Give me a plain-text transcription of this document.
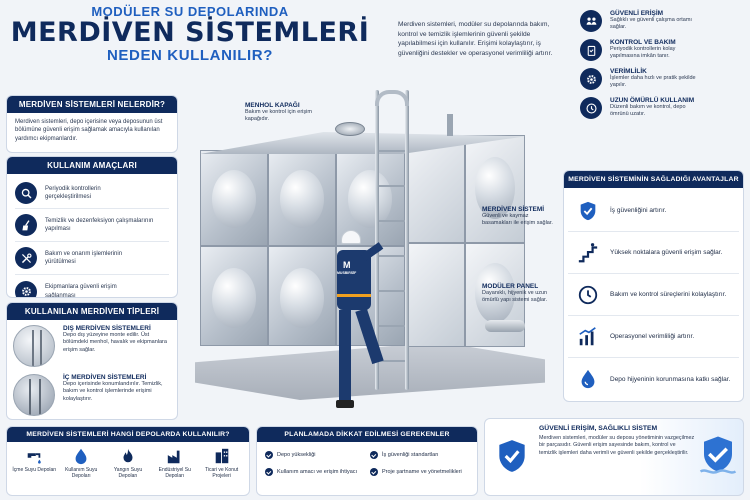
MODÜLER SU DEPOLARINDA
MERDİVEN SİSTEMLERİ
NEDEN KULLANILIR?
Merdiven sistemleri, modüler su depolarında bakım, kontrol ve temizlik işlemlerinin güvenli şekilde yapılabilmesi için kullanılır. Erişimi kolaylaştırır, iş güvenliğini destekler ve operasyonel verimliliği artırır.
GÜVENLİ ERİŞİM
Sağlıklı ve güvenli çalışma ortamı sağlar.
KONTROL VE BAKIM
Periyodik kontrollerin kolay yapılmasına imkân tanır.
VERİMLİLİK
İşlemler daha hızlı ve pratik şekilde yapılır.
UZUN ÖMÜRLÜ KULLANIM
Düzenli bakım ve kontrol, depo ömrünü uzatır.
MERDİVEN SİSTEMLERİ NELERDİR?
Merdiven sistemleri, depo içerisine veya deposunun üst bölümüne güvenli erişim sağlamak amacıyla kullanılan yardımcı ekipmanlardır.
KULLANIM AMAÇLARI
Periyodik kontrollerin gerçekleştirilmesi
Temizlik ve dezenfeksiyon çalışmalarının yapılması
Bakım ve onarım işlemlerinin yürütülmesi
Ekipmanlara güvenli erişim sağlanması
KULLANILAN MERDİVEN TİPLERİ
DIŞ MERDİVEN SİSTEMLERİ
Depo dış yüzeyine monte edilir. Üst bölümdeki menhol, havalık ve ekipmanlara erişim sağlar.
İÇ MERDİVEN SİSTEMLERİ
Depo içerisinde konumlandırılır. Temizlik, bakım ve kontrol işlemlerinde erişimi kolaylaştırır.
M
MUSBIRSİF
MENHOL KAPAĞI
Bakım ve kontrol için erişim kapağıdır.
MERDİVEN SİSTEMİ
Güvenli ve kaymaz basamakları ile erişim sağlar.
MODÜLER PANEL
Dayanıklı, hijyenik ve uzun ömürlü yapı sistemi sağlar.
MERDİVEN SİSTEMİNİN SAĞLADIĞI AVANTAJLAR
İş güvenliğini artırır.
Yüksek noktalara güvenli erişim sağlar.
Bakım ve kontrol süreçlerini kolaylaştırır.
Operasyonel verimliliği artırır.
Depo hijyeninin korunmasına katkı sağlar.
MERDİVEN SİSTEMLERİ HANGİ DEPOLARDA KULLANILIR?
İçme Suyu Depoları	Kullanım Suyu Depoları
Yangın Suyu Depoları
Endüstriyel Su Depoları
Ticari ve Konut Projeleri
PLANLAMADA DİKKAT EDİLMESİ GEREKENLER
Depo yüksekliği	İş güvenliği standartları
Kullanım amacı ve erişim ihtiyacı	Proje şartname ve yönetmelikleri
GÜVENLİ ERİŞİM, SAĞLIKLI SİSTEM
Merdiven sistemleri, modüler su deposu yönetiminin vazgeçilmez bir parçasıdır. Güvenli erişim sayesinde bakım, kontrol ve temizlik işlemleri daha verimli ve güvenli şekilde gerçekleştirilir.
